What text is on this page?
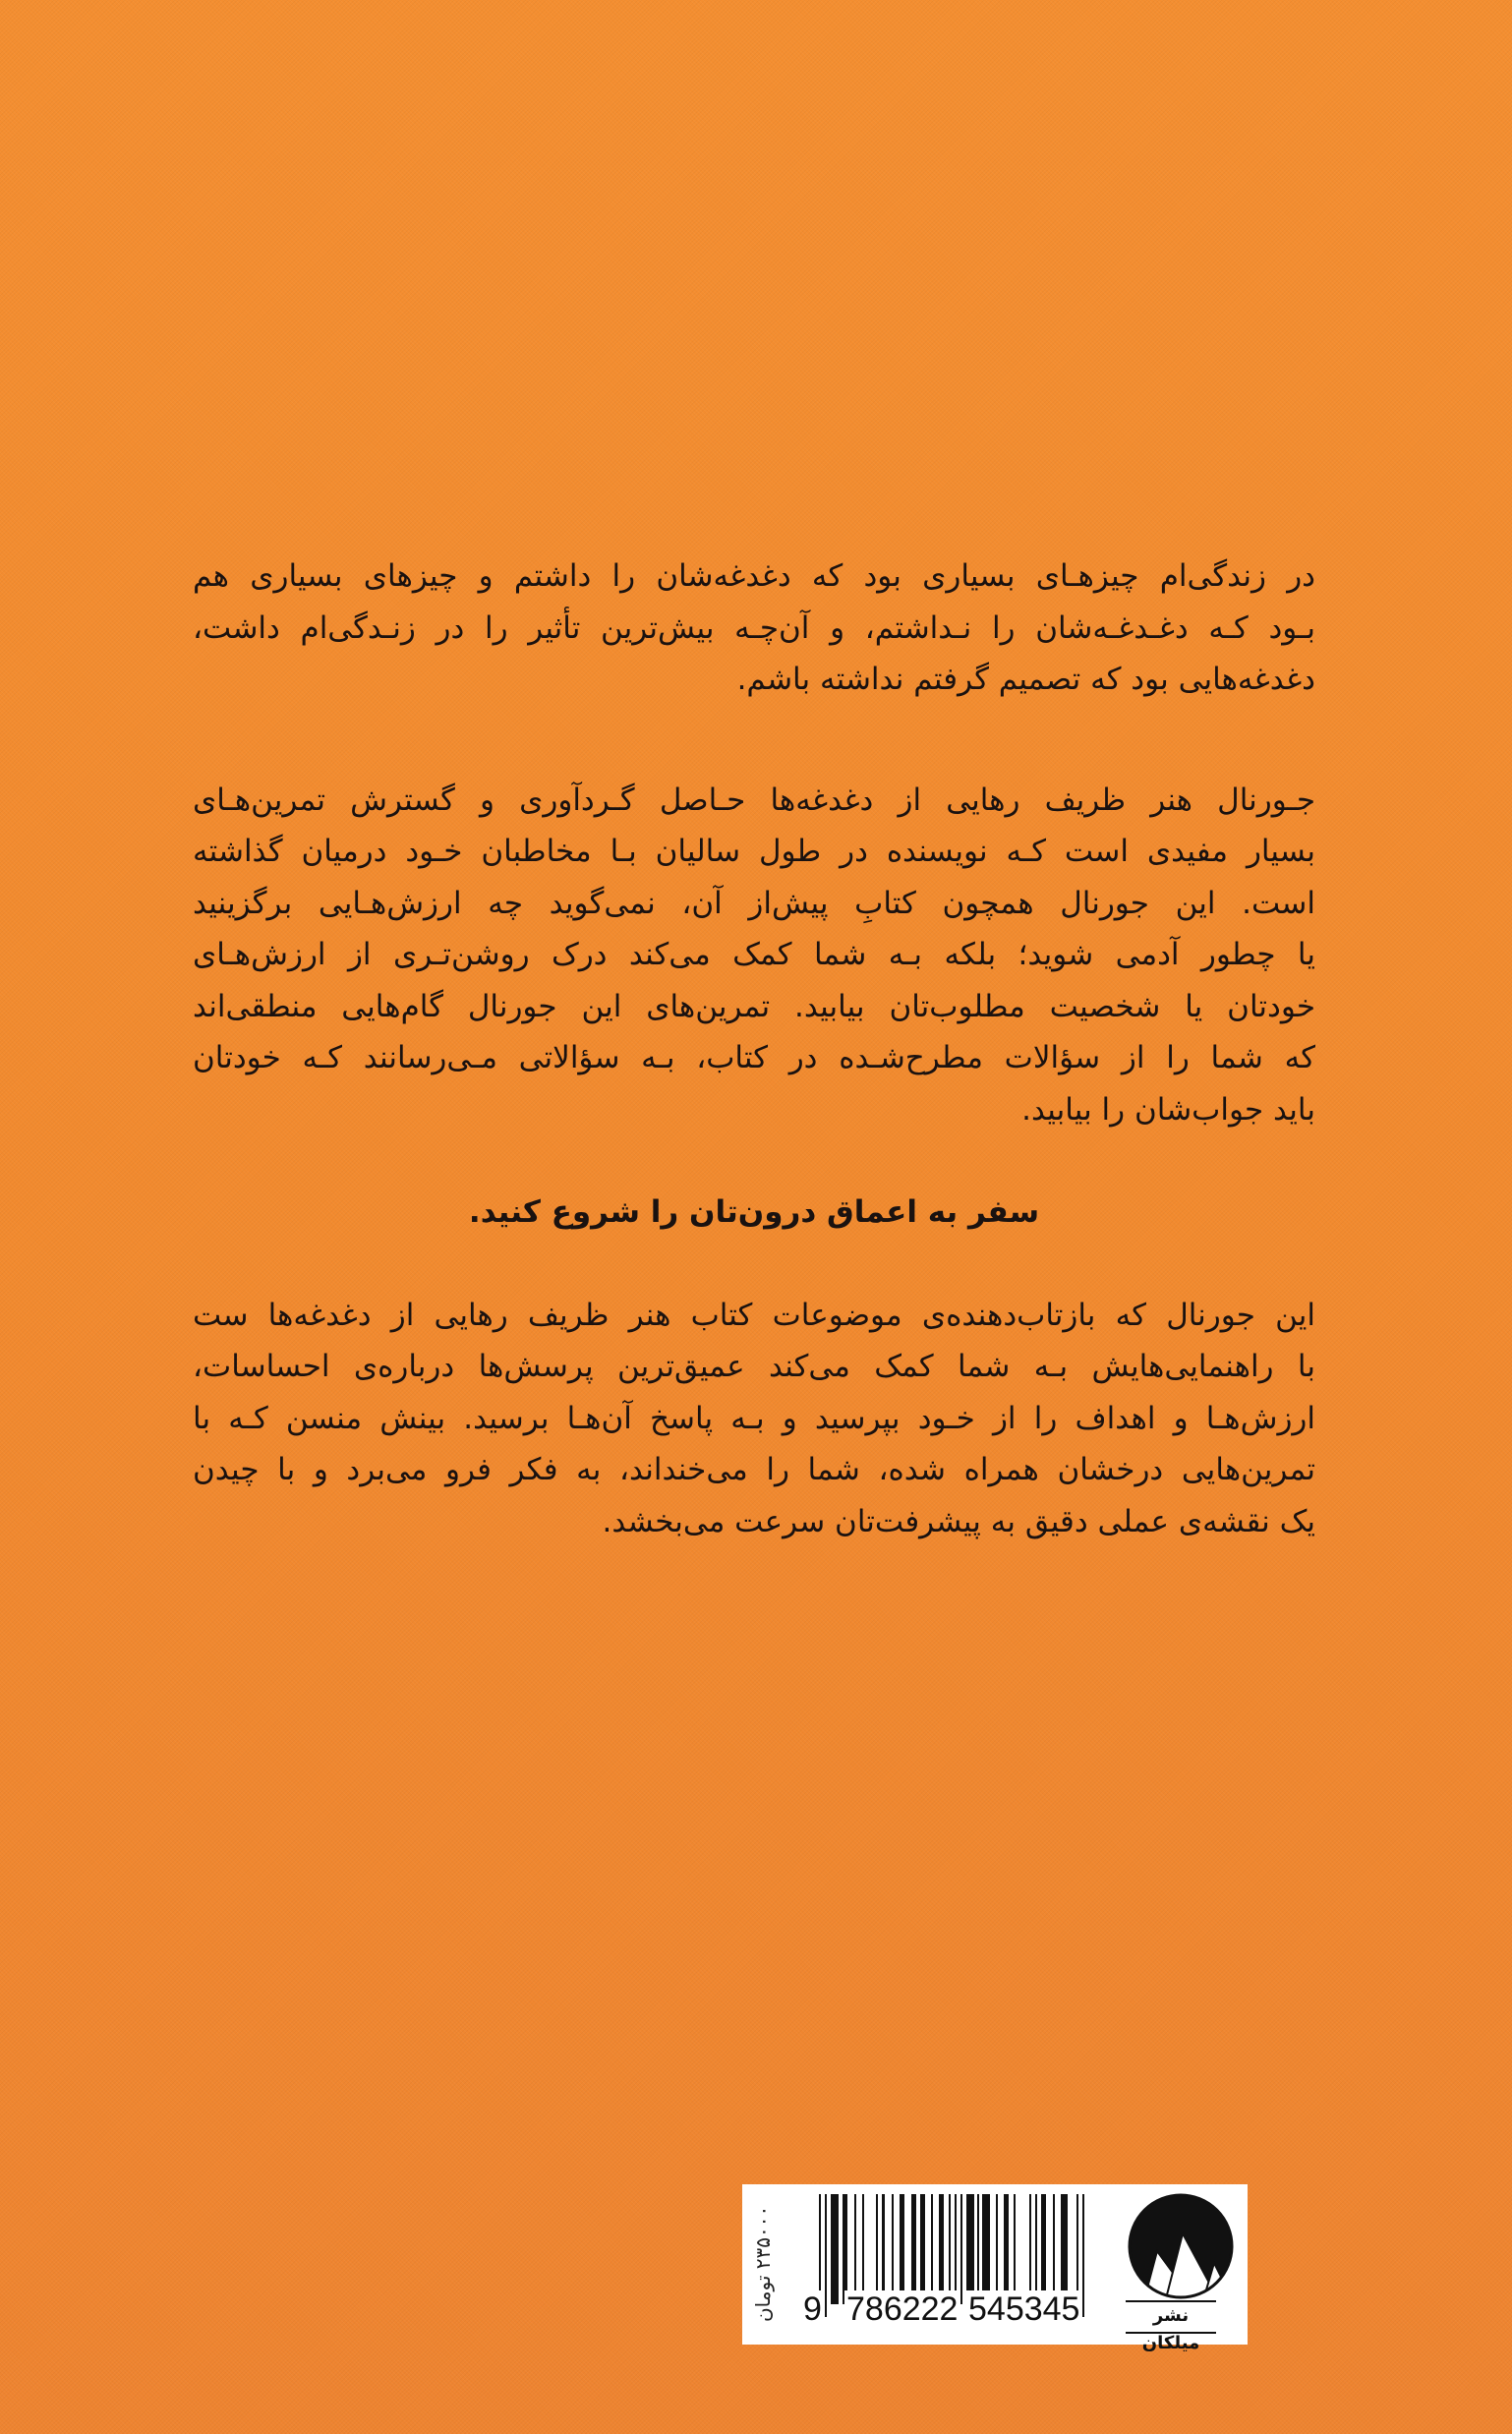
در زندگی‌ام چیزهـای بسیاری بود که دغدغه‌شان را داشتم و چیزهای بسیاری هم
بـود کـه دغـدغـه‌شان را نـداشتم، و آن‌چـه بیش‌ترین تأثیر را در زنـدگی‌ام داشت،
دغدغه‌هایی بود که تصمیم گرفتم نداشته باشم.

جـورنال هنر ظریف رهایی از دغدغه‌ها حـاصل گـردآوری و گسترش تمرین‌هـای
بسیار مفیدی است کـه نویسنده در طول سالیان بـا مخاطبان خـود درمیان گذاشته
است. این جورنال همچون کتابِ پیش‌از آن، نمی‌گوید چه ارزش‌هـایی برگزینید
یا چطور آدمی شوید؛ بلکه بـه شما کمک می‌کند درک روشن‌تـری از ارزش‌هـای
خودتان یا شخصیت مطلوب‌تان بیابید. تمرین‌های این جورنال گام‌هایی منطقی‌اند
که شما را از سؤالات مطرح‌شـده در کتاب، بـه سؤالاتی مـی‌رسانند کـه خودتان
باید جواب‌شان را بیابید.

سفر به اعماق درون‌تان را شروع کنید.

این جورنال که بازتاب‌دهنده‌ی موضوعات کتاب هنر ظریف رهایی از دغدغه‌ها ست
با راهنمایی‌هایش بـه شما کمک می‌کند عمیق‌ترین پرسش‌ها درباره‌ی احساسات،
ارزش‌هـا و اهداف را از خـود بپرسید و بـه پاسخ آن‌هـا برسید. بینش منسن کـه با
تمرین‌هایی درخشان همراه شده، شما را می‌خنداند، به فکر فرو می‌برد و با چیدن
یک نقشه‌ی عملی دقیق به پیشرفت‌تان سرعت می‌بخشد.

۲۳۵۰۰۰ تومان
9 786222 545345	نشر میلکان
